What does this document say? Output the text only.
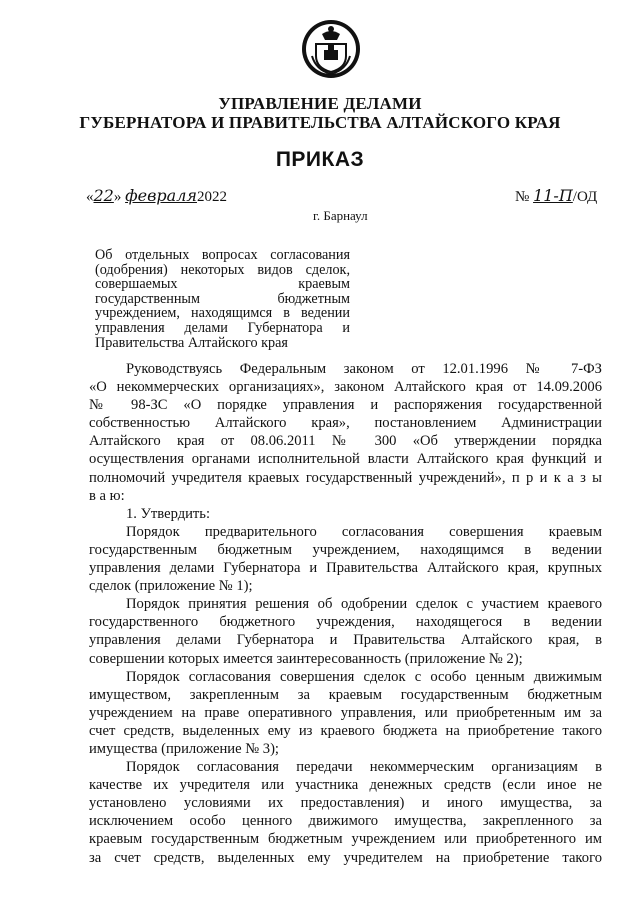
УПРАВЛЕНИЕ ДЕЛАМИ
ГУБЕРНАТОРА И ПРАВИТЕЛЬСТВА АЛТАЙСКОГО КРАЯ
ПРИКАЗ
«22» февраля2022	№ 11-П/ОД
г. Барнаул
Об отдельных вопросах согласования
(одобрения) некоторых видов сделок,
совершаемых краевым
государственным бюджетным
учреждением, находящимся в ведении
управления делами Губернатора и
Правительства Алтайского края
Руководствуясь Федеральным законом от 12.01.1996 № 7-ФЗ
«О некоммерческих организациях», законом Алтайского края от 14.09.2006
№ 98-ЗС «О порядке управления и распоряжения государственной
собственностью Алтайского края», постановлением Администрации
Алтайского края от 08.06.2011 № 300 «Об утверждении порядка
осуществления органами исполнительной власти Алтайского края функций и
полномочий учредителя краевых государственный учреждений», п р и к а з ы
в а ю:
1. Утвердить:
Порядок предварительного согласования совершения краевым
государственным бюджетным учреждением, находящимся в ведении
управления делами Губернатора и Правительства Алтайского края, крупных
сделок (приложение № 1);
Порядок принятия решения об одобрении сделок с участием краевого
государственного бюджетного учреждения, находящегося в ведении
управления делами Губернатора и Правительства Алтайского края, в
совершении которых имеется заинтересованность (приложение № 2);
Порядок согласования совершения сделок с особо ценным движимым
имуществом, закрепленным за краевым государственным бюджетным
учреждением на праве оперативного управления, или приобретенным им за
счет средств, выделенных ему из краевого бюджета на приобретение такого
имущества (приложение № 3);
Порядок согласования передачи некоммерческим организациям в
качестве их учредителя или участника денежных средств (если иное не
установлено условиями их предоставления) и иного имущества, за
исключением особо ценного движимого имущества, закрепленного за
краевым государственным бюджетным учреждением или приобретенного им
за счет средств, выделенных ему учредителем на приобретение такого
